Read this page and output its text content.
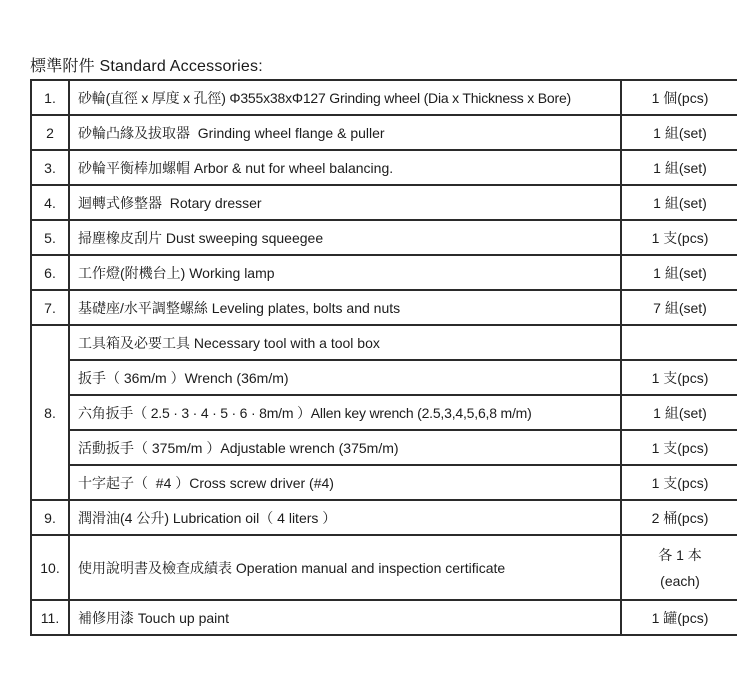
標準附件 Standard Accessories:
1.	砂輪(直徑 x 厚度 x 孔徑) Φ355x38xΦ127 Grinding wheel (Dia x Thickness x Bore)	1 個(pcs)
2	砂輪凸緣及拔取器  Grinding wheel flange & puller	1 組(set)
3.	砂輪平衡棒加螺帽 Arbor & nut for wheel balancing.	1 組(set)
4.	迴轉式修整器  Rotary dresser	1 組(set)
5.	掃塵橡皮刮片 Dust sweeping squeegee	1 支(pcs)
6.	工作燈(附機台上) Working lamp	1 組(set)
7.	基礎座/水平調整螺絲 Leveling plates, bolts and nuts	7 組(set)
8.	工具箱及必要工具 Necessary tool with a tool box	
	扳手（ 36m/m ）Wrench (36m/m)	1 支(pcs)
	六角扳手（ 2.5 · 3 · 4 · 5 · 6 · 8m/m ）Allen key wrench (2.5,3,4,5,6,8 m/m)	1 組(set)
	活動扳手（ 375m/m ）Adjustable wrench (375m/m)	1 支(pcs)
	十字起子（  #4 ）Cross screw driver (#4)	1 支(pcs)
9.	潤滑油(4 公升) Lubrication oil（ 4 liters ）	2 桶(pcs)
10.	使用說明書及檢查成績表 Operation manual and inspection certificate	各 1 本
(each)

11.	補修用漆 Touch up paint	1 罐(pcs)
